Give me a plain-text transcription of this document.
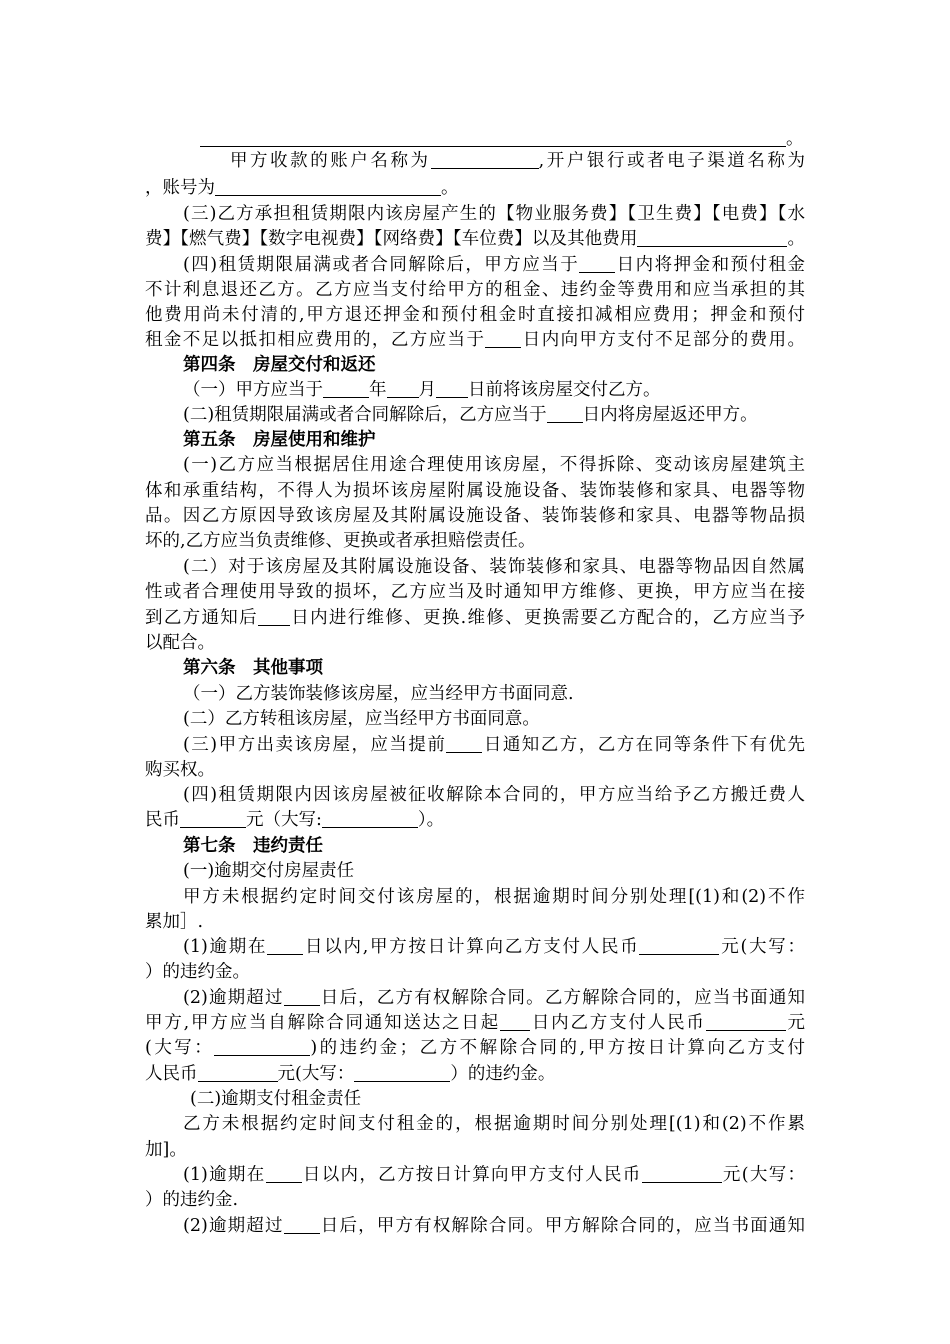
。
甲方收款的账户名称为	,开户银行或者电子渠道名称为
，账号为	。
(三)乙方承担租赁期限内该房屋产生的【物业服务费】【卫生费】【电费】【水
费】【燃气费】【数字电视费】【网络费】【车位费】以及其他费用	。
(四)租赁期限届满或者合同解除后，甲方应当于 日内将押金和预付租金
不计利息退还乙方。乙方应当支付给甲方的租金、违约金等费用和应当承担的其
他费用尚未付清的,甲方退还押金和预付租金时直接扣减相应费用；押金和预付
租金不足以抵扣相应费用的，乙方应当于 日内向甲方支付不足部分的费用。
第四条　房屋交付和返还
（一）甲方应当于	年 月 日前将该房屋交付乙方。
(二)租赁期限届满或者合同解除后，乙方应当于 日内将房屋返还甲方。
第五条　房屋使用和维护
(一)乙方应当根据居住用途合理使用该房屋，不得拆除、变动该房屋建筑主
体和承重结构，不得人为损坏该房屋附属设施设备、装饰装修和家具、电器等物
品。因乙方原因导致该房屋及其附属设施设备、装饰装修和家具、电器等物品损
坏的,乙方应当负责维修、更换或者承担赔偿责任。
(二）对于该房屋及其附属设施设备、装饰装修和家具、电器等物品因自然属
性或者合理使用导致的损坏，乙方应当及时通知甲方维修、更换，甲方应当在接
到乙方通知后 日内进行维修、更换.维修、更换需要乙方配合的，乙方应当予
以配合。
第六条　其他事项
（一）乙方装饰装修该房屋，应当经甲方书面同意.
(二）乙方转租该房屋，应当经甲方书面同意。
(三)甲方出卖该房屋，应当提前 日通知乙方，乙方在同等条件下有优先
购买权。
(四)租赁期限内因该房屋被征收解除本合同的，甲方应当给予乙方搬迁费人
民币	元（大写:	）。
第七条　违约责任
(一)逾期交付房屋责任
甲方未根据约定时间交付该房屋的，根据逾期时间分别处理[(1)和(2)不作
累加］.
(1)逾期在 日以内,甲方按日计算向乙方支付人民币	元(大写：
）的违约金。
(2)逾期超过 日后，乙方有权解除合同。乙方解除合同的，应当书面通知
甲方,甲方应当自解除合同通知送达之日起 日内乙方支付人民币	元
(大写：	)的违约金；乙方不解除合同的,甲方按日计算向乙方支付
人民币	元(大写：	）的违约金。
(二)逾期支付租金责任
乙方未根据约定时间支付租金的，根据逾期时间分别处理[(1)和(2)不作累
加]。
(1)逾期在 日以内，乙方按日计算向甲方支付人民币	元(大写：
）的违约金.
(2)逾期超过 日后，甲方有权解除合同。甲方解除合同的，应当书面通知
